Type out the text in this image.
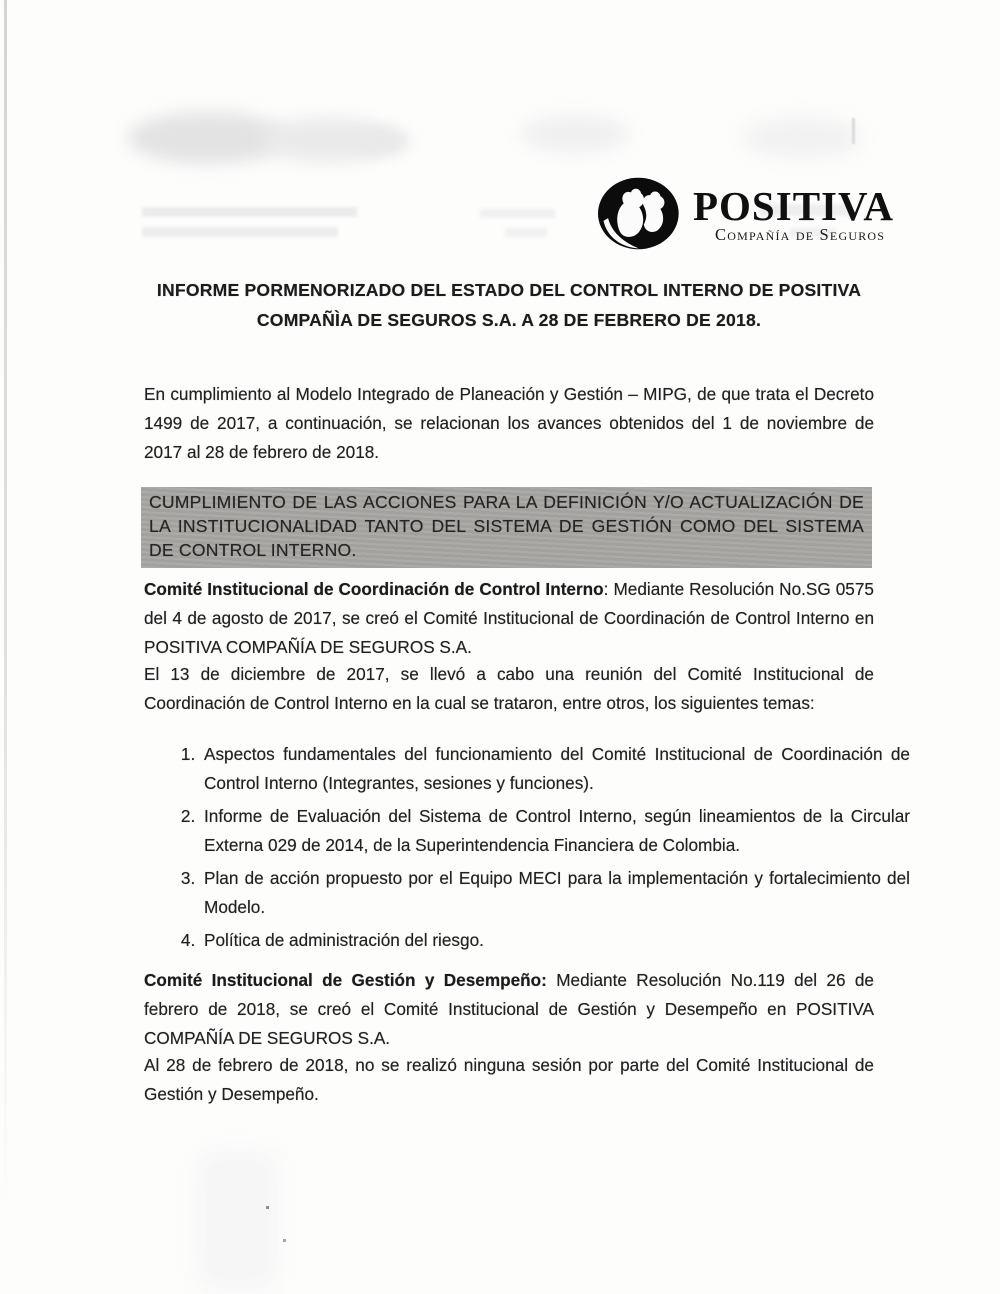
POSITIVA
Compañía de Seguros
INFORME PORMENORIZADO DEL ESTADO DEL CONTROL INTERNO DE POSITIVA COMPAÑÌA DE SEGUROS S.A. A 28 DE FEBRERO DE 2018.
En cumplimiento al Modelo Integrado de Planeación y Gestión – MIPG, de que trata el Decreto 1499 de 2017, a continuación, se relacionan los avances obtenidos del 1 de noviembre de 2017 al 28 de febrero de 2018.
CUMPLIMIENTO DE LAS ACCIONES PARA LA DEFINICIÓN Y/O ACTUALIZACIÓN DE LA INSTITUCIONALIDAD TANTO DEL SISTEMA DE GESTIÓN COMO DEL SISTEMA DE CONTROL INTERNO.
Comité Institucional de Coordinación de Control Interno: Mediante Resolución No.SG 0575 del 4 de agosto de 2017, se creó el Comité Institucional de Coordinación de Control Interno en POSITIVA COMPAÑÍA DE SEGUROS S.A.
El 13 de diciembre de 2017, se llevó a cabo una reunión del Comité Institucional de Coordinación de Control Interno en la cual se trataron, entre otros, los siguientes temas:
1. Aspectos fundamentales del funcionamiento del Comité Institucional de Coordinación de Control Interno (Integrantes, sesiones y funciones).
2. Informe de Evaluación del Sistema de Control Interno, según lineamientos de la Circular Externa 029 de 2014, de la Superintendencia Financiera de Colombia.
3. Plan de acción propuesto por el Equipo MECI para la implementación y fortalecimiento del Modelo.
4. Política de administración del riesgo.
Comité Institucional de Gestión y Desempeño: Mediante Resolución No.119 del 26 de febrero de 2018, se creó el Comité Institucional de Gestión y Desempeño en POSITIVA COMPAÑÍA DE SEGUROS S.A.
Al 28 de febrero de 2018, no se realizó ninguna sesión por parte del Comité Institucional de Gestión y Desempeño.
